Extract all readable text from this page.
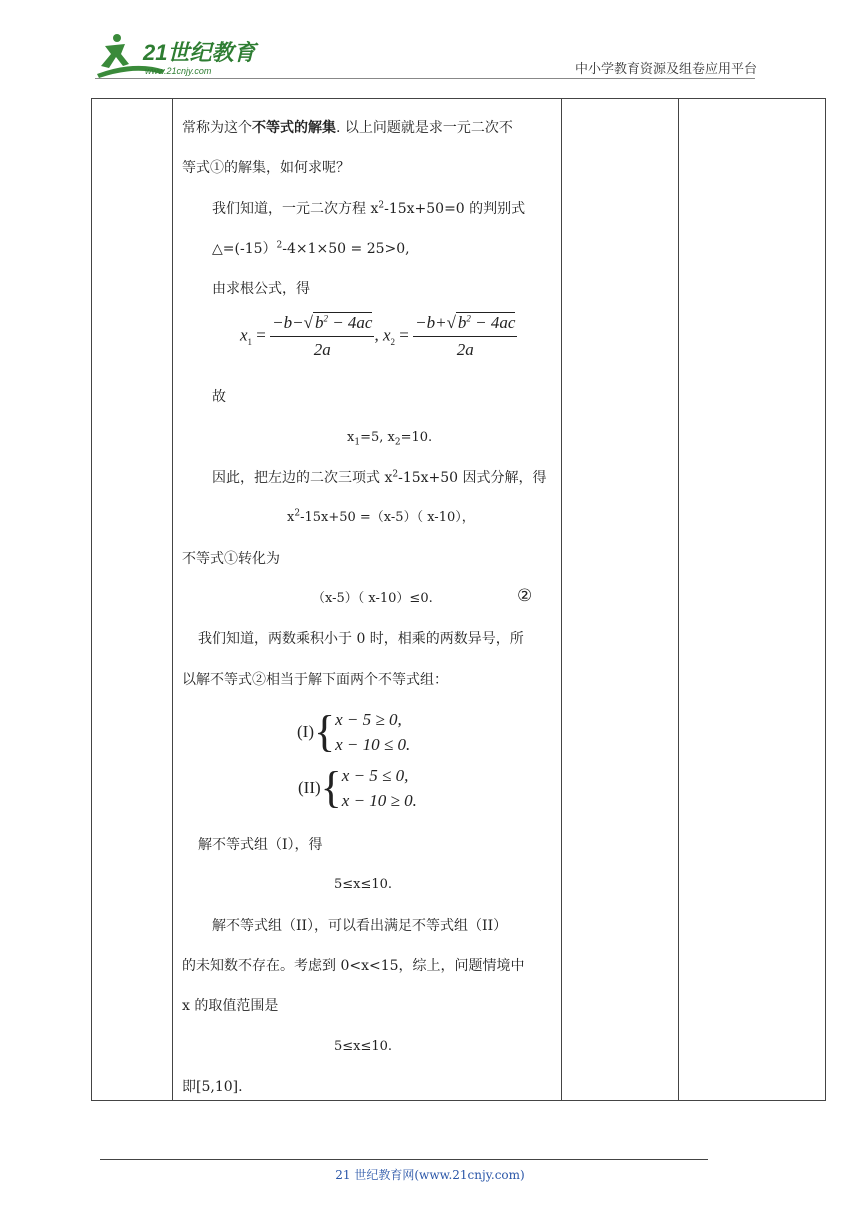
21世纪教育
www.21cnjy.com	中小学教育资源及组卷应用平台
常称为这个不等式的解集. 以上问题就是求一元二次不
等式①的解集，如何求呢？
我们知道，一元二次方程 $x^2-15x+50=0$ 的判别式
△=(-15）$^2$-4×1×50 = 25>0,
由求根公式，得
$x_1 = \frac{-b-√ b^2 - 4ac}{2a}$ , $x_2 = \frac{-b+√ b^2 - 4ac}{2a}$
故
$x_1=5$, $x_2=10$.
因此，把左边的二次三项式 $x^2-15x+50$ 因式分解，得
$x^2-15x+50 =(x-5)$（ x-10），
不等式①转化为
（x-5）（ x-10）≤0.	②
我们知道，两数乘积小于 0 时，相乘的两数异号，所
以解不等式②相当于解下面两个不等式组：
(I){ x − 5 ≥ 0,
x − 10 ≤ 0.
(II){ x − 5 ≤ 0,
x − 10 ≥ 0.
解不等式组（I），得
5≤x≤10.
解不等式组（II），可以看出满足不等式组（II）
的未知数不存在。考虑到 0<x<15，综上，问题情境中
x 的取值范围是
5≤x≤10.
即[5,10].
21 世纪教育网(www.21cnjy.com)
